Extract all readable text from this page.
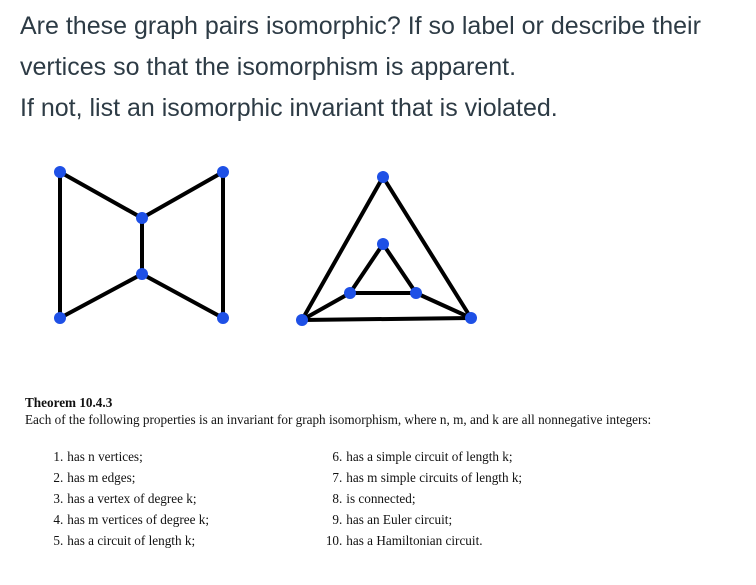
Are these graph pairs isomorphic? If so label or describe their
vertices so that the isomorphism is apparent.
If not, list an isomorphic invariant that is violated.
Theorem 10.4.3
Each of the following properties is an invariant for graph isomorphism, where n, m, and k are all nonnegative integers:
1. has n vertices;
2. has m edges;
3. has a vertex of degree k;
4. has m vertices of degree k;
5. has a circuit of length k;
6. has a simple circuit of length k;
7. has m simple circuits of length k;
8. is connected;
9. has an Euler circuit;
10. has a Hamiltonian circuit.
